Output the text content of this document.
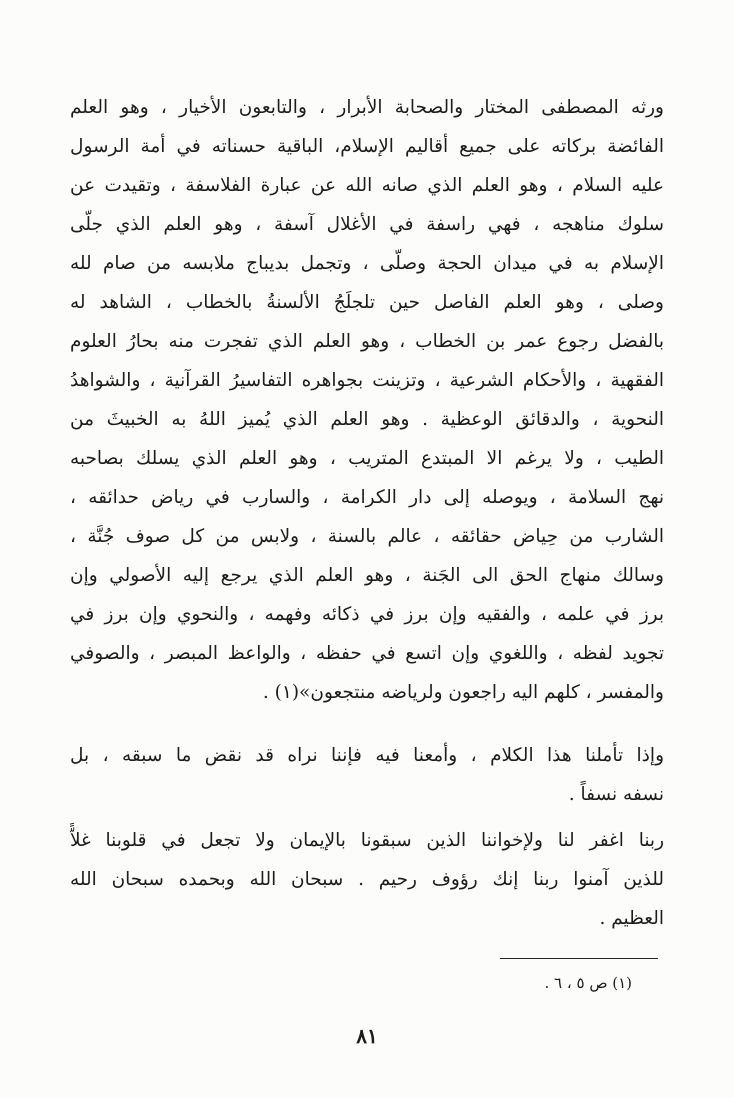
ورثه المصطفى المختار والصحابة الأبرار ، والتابعون الأخيار ، وهو العلم
الفائضة بركاته على جميع أقاليم الإسلام، الباقية حسناته في أمة الرسول
عليه السلام ، وهو العلم الذي صانه الله عن عبارة الفلاسفة ، وتقيدت عن
سلوك مناهجه ، فهي راسفة في الأغلال آسفة ، وهو العلم الذي جلّى
الإسلام به في ميدان الحجة وصلّى ، وتجمل بديباج ملابسه من صام لله
وصلى ، وهو العلم الفاصل حين تلجلَجُ الألسنةُ بالخطاب ، الشاهد له
بالفضل رجوع عمر بن الخطاب ، وهو العلم الذي تفجرت منه بحارُ العلوم
الفقهية ، والأحكام الشرعية ، وتزينت بجواهره التفاسيرُ القرآنية ، والشواهدُ
النحوية ، والدقائق الوعظية . وهو العلم الذي يُميز اللهُ به الخبيثَ من
الطيب ، ولا يرغم الا المبتدع المتريب ، وهو العلم الذي يسلك بصاحبه
نهج السلامة ، ويوصله إلى دار الكرامة ، والسارب في رياض حدائقه ،
الشارب من حِياض حقائقه ، عالم بالسنة ، ولابس من كل صوف جُنَّة ،
وسالك منهاج الحق الى الجَنة ، وهو العلم الذي يرجع إليه الأصولي وإن
برز في علمه ، والفقيه وإن برز في ذكائه وفهمه ، والنحوي وإن برز في
تجويد لفظه ، واللغوي وإن اتسع في حفظه ، والواعظ المبصر ، والصوفي
والمفسر ، كلهم اليه راجعون ولرياضه منتجعون»(١) .
وإذا تأملنا هذا الكلام ، وأمعنا فيه فإننا نراه قد نقض ما سبقه ، بل
نسفه نسفاً .
ربنا اغفر لنا ولإخواننا الذين سبقونا بالإيمان ولا تجعل في قلوبنا غلاًّ
للذين آمنوا ربنا إنك رؤوف رحيم . سبحان الله وبحمده سبحان الله
العظيم .
(١) ص ٥ ، ٦ .
٨١
